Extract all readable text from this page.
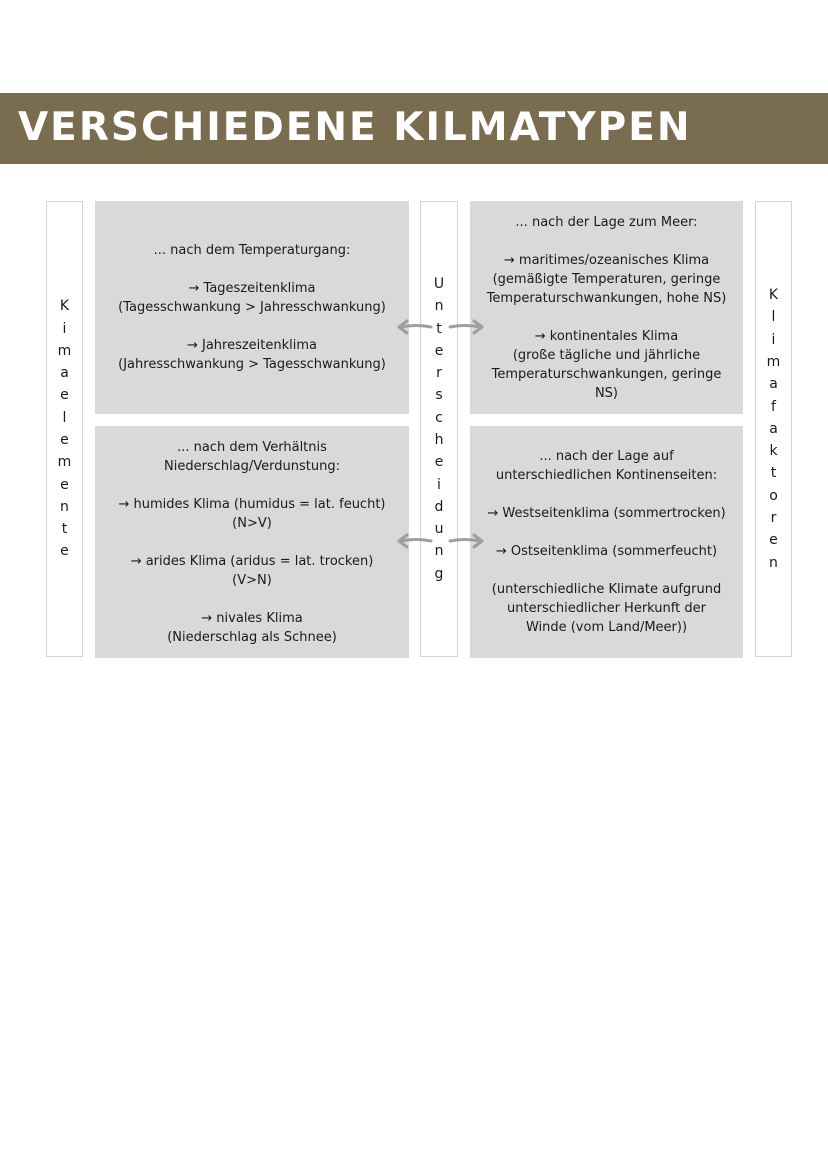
VERSCHIEDENE KILMATYPEN
K
i
m
a
e
l
e
m
e
n
t
e

... nach dem Temperaturgang:

→ Tageszeitenklima
(Tagesschwankung > Jahresschwankung)

→ Jahreszeitenklima
(Jahresschwankung > Tagesschwankung)

... nach dem Verhältnis
Niederschlag/Verdunstung:

→ humides Klima (humidus = lat. feucht)
(N>V)

→ arides Klima (aridus = lat. trocken)
(V>N)

→ nivales Klima
(Niederschlag als Schnee)

U
n
t
e
r
s
c
h
e
i
d
u
n
g

... nach der Lage zum Meer:

→ maritimes/ozeanisches Klima
(gemäßigte Temperaturen, geringe
Temperaturschwankungen, hohe NS)

→ kontinentales Klima
(große tägliche und jährliche
Temperaturschwankungen, geringe
NS)

... nach der Lage auf
unterschiedlichen Kontinenseiten:

→ Westseitenklima (sommertrocken)

→ Ostseitenklima (sommerfeucht)

(unterschiedliche Klimate aufgrund
unterschiedlicher Herkunft der
Winde (vom Land/Meer))

K
l
i
m
a
f
a
k
t
o
r
e
n
